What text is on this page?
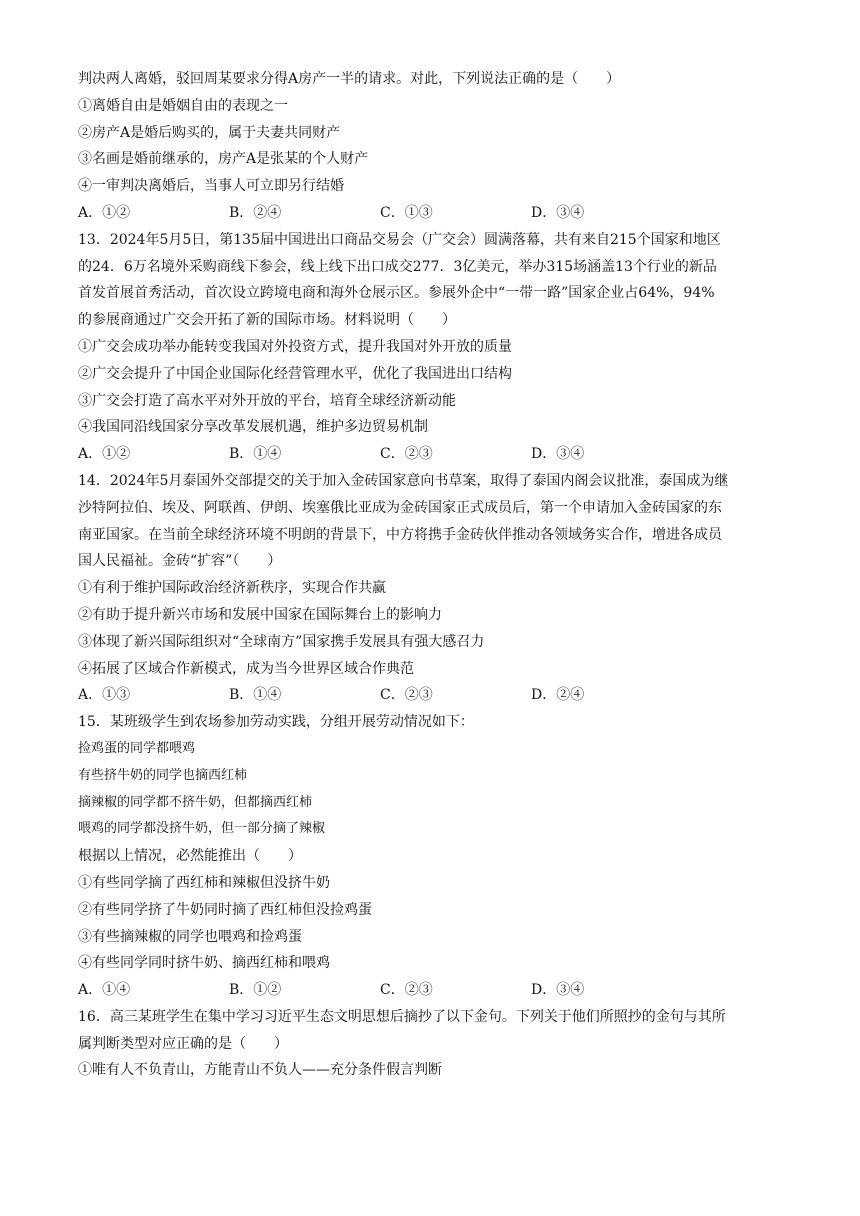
判决两人离婚，驳回周某要求分得A房产一半的请求。对此，下列说法正确的是（　　）
①离婚自由是婚姻自由的表现之一
②房产A是婚后购买的，属于夫妻共同财产
③名画是婚前继承的，房产A是张某的个人财产
④一审判决离婚后，当事人可立即另行结婚
A．①②	B．②④	C．①③	D．③④
13．2024年5月5日，第135届中国进出口商品交易会（广交会）圆满落幕，共有来自215个国家和地区
的24．6万名境外采购商线下参会，线上线下出口成交277．3亿美元，举办315场涵盖13个行业的新品
首发首展首秀活动，首次设立跨境电商和海外仓展示区。参展外企中“一带一路”国家企业占64%，94%
的参展商通过广交会开拓了新的国际市场。材料说明（　　）
①广交会成功举办能转变我国对外投资方式，提升我国对外开放的质量
②广交会提升了中国企业国际化经营管理水平，优化了我国进出口结构
③广交会打造了高水平对外开放的平台，培育全球经济新动能
④我国同沿线国家分享改革发展机遇，维护多边贸易机制
A．①②	B．①④	C．②③	D．③④
14．2024年5月泰国外交部提交的关于加入金砖国家意向书草案，取得了泰国内阁会议批准，泰国成为继
沙特阿拉伯、埃及、阿联酋、伊朗、埃塞俄比亚成为金砖国家正式成员后，第一个申请加入金砖国家的东
南亚国家。在当前全球经济环境不明朗的背景下，中方将携手金砖伙伴推动各领域务实合作，增进各成员
国人民福祉。金砖“扩容”（　　）
①有利于维护国际政治经济新秩序，实现合作共赢
②有助于提升新兴市场和发展中国家在国际舞台上的影响力
③体现了新兴国际组织对“全球南方”国家携手发展具有强大感召力
④拓展了区域合作新模式，成为当今世界区域合作典范
A．①③	B．①④	C．②③	D．②④
15．某班级学生到农场参加劳动实践，分组开展劳动情况如下：
捡鸡蛋的同学都喂鸡
有些挤牛奶的同学也摘西红柿
摘辣椒的同学都不挤牛奶，但都摘西红柿
喂鸡的同学都没挤牛奶，但一部分摘了辣椒
根据以上情况，必然能推出（　　）
①有些同学摘了西红柿和辣椒但没挤牛奶
②有些同学挤了牛奶同时摘了西红柿但没捡鸡蛋
③有些摘辣椒的同学也喂鸡和捡鸡蛋
④有些同学同时挤牛奶、摘西红柿和喂鸡
A．①④	B．①②	C．②③	D．③④
16．高三某班学生在集中学习习近平生态文明思想后摘抄了以下金句。下列关于他们所照抄的金句与其所
属判断类型对应正确的是（　　）
①唯有人不负青山，方能青山不负人——充分条件假言判断
